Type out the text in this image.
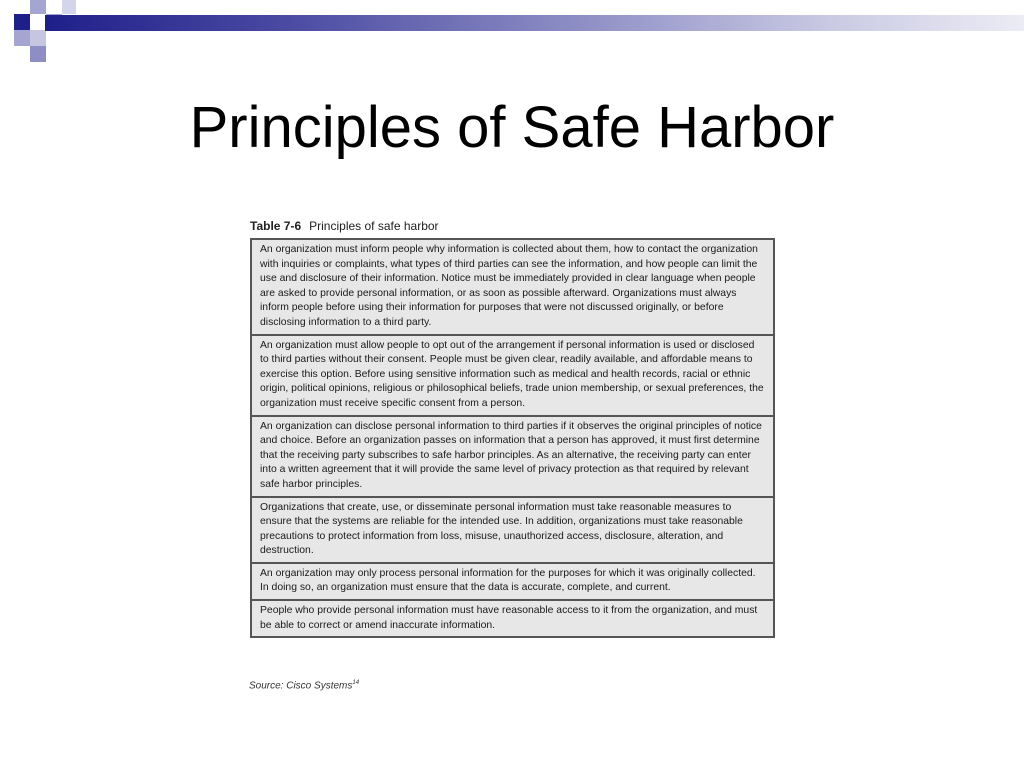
Principles of Safe Harbor
Table 7-6 Principles of safe harbor
An organization must inform people why information is collected about them, how to contact the organization with inquiries or complaints, what types of third parties can see the information, and how people can limit the use and disclosure of their information. Notice must be immediately provided in clear language when people are asked to provide personal information, or as soon as possible afterward. Organizations must always inform people before using their information for purposes that were not discussed originally, or before disclosing information to a third party.
An organization must allow people to opt out of the arrangement if personal information is used or disclosed to third parties without their consent. People must be given clear, readily available, and affordable means to exercise this option. Before using sensitive information such as medical and health records, racial or ethnic origin, political opinions, religious or philosophical beliefs, trade union membership, or sexual preferences, the organization must receive specific consent from a person.
An organization can disclose personal information to third parties if it observes the original principles of notice and choice. Before an organization passes on information that a person has approved, it must first determine that the receiving party subscribes to safe harbor principles. As an alternative, the receiving party can enter into a written agreement that it will provide the same level of privacy protection as that required by relevant safe harbor principles.
Organizations that create, use, or disseminate personal information must take reasonable measures to ensure that the systems are reliable for the intended use. In addition, organizations must take reasonable precautions to protect information from loss, misuse, unauthorized access, disclosure, alteration, and destruction.
An organization may only process personal information for the purposes for which it was originally collected. In doing so, an organization must ensure that the data is accurate, complete, and current.
People who provide personal information must have reasonable access to it from the organization, and must be able to correct or amend inaccurate information.
Source: Cisco Systems$^{14}$
